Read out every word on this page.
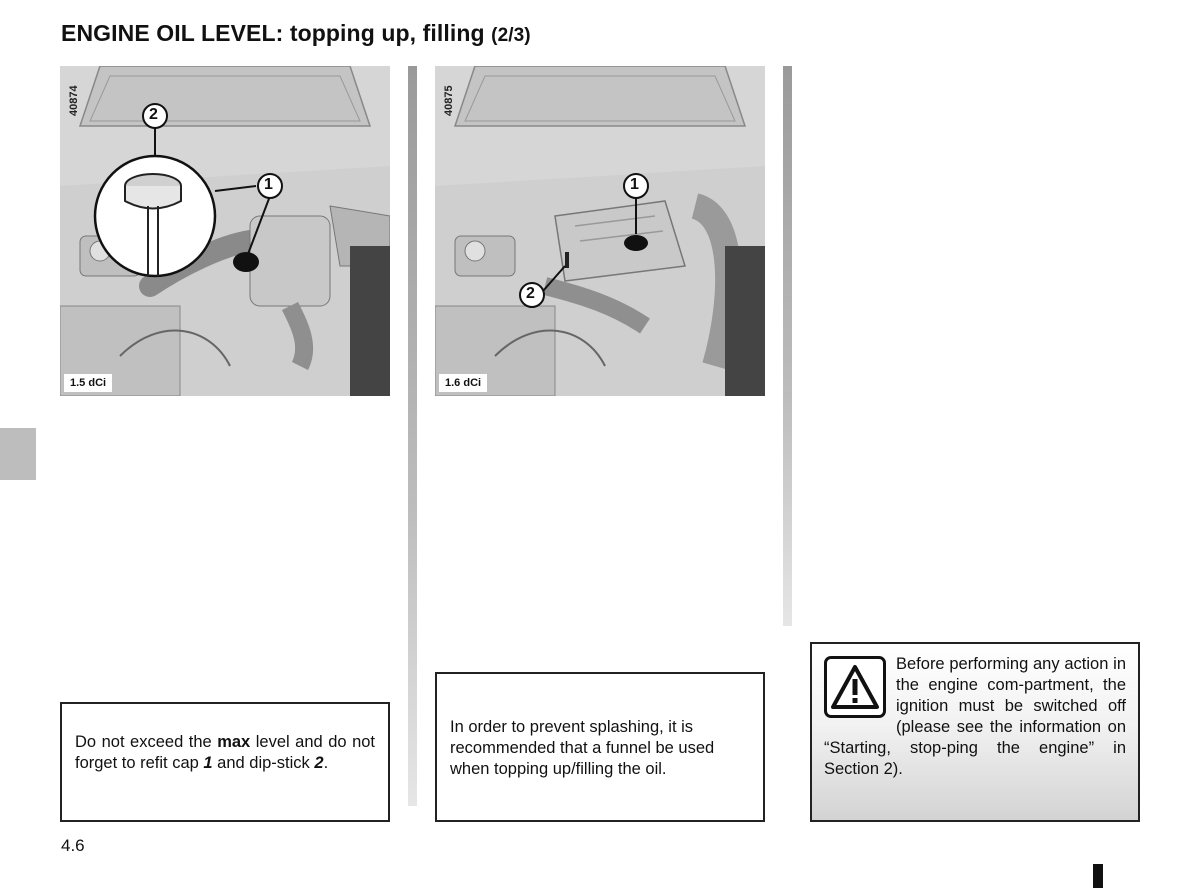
ENGINE OIL LEVEL: topping up, filling (2/3)
1
2
40874
1.5 dCi
1
2
40875
1.6 dCi
Do not exceed the max level and do not forget to refit cap 1 and dip-stick 2.
In order to prevent splashing, it is recommended that a funnel be used when topping up/filling the oil.
Before performing any action in the engine com-partment, the ignition must be switched off (please see the information on “Starting, stop-ping the engine” in Section 2).
4.6
